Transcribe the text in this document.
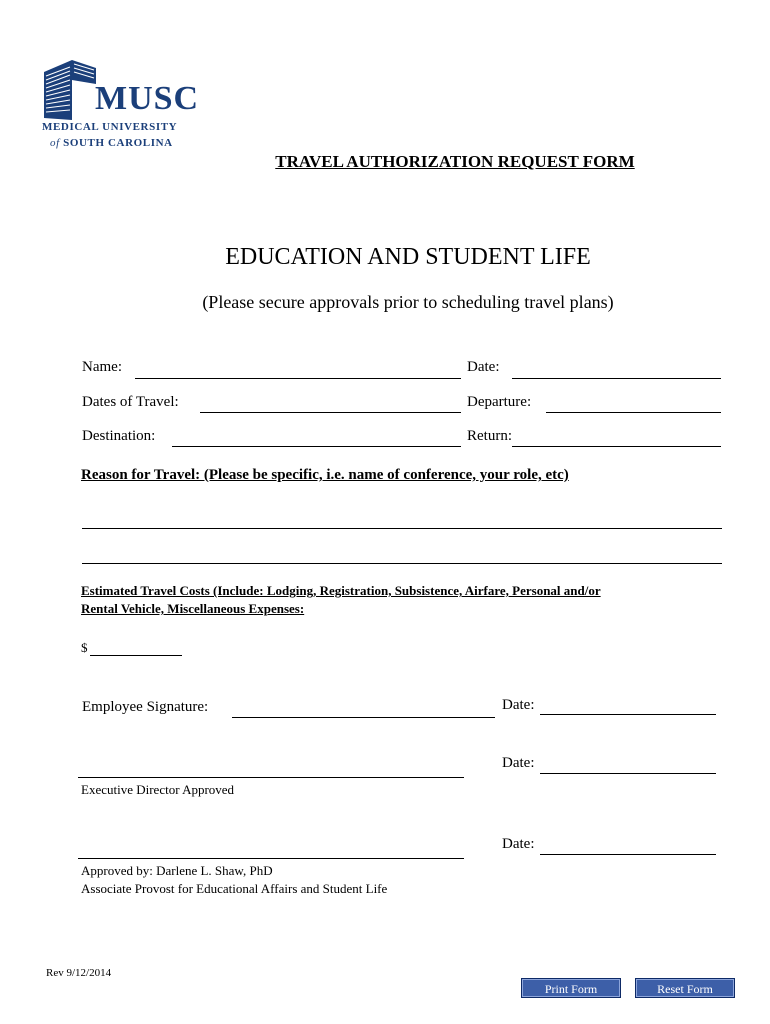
MUSC
MEDICAL UNIVERSITY
of SOUTH CAROLINA
TRAVEL AUTHORIZATION REQUEST FORM
EDUCATION AND STUDENT LIFE
(Please secure approvals prior to scheduling travel plans)
Name:	Date:
Dates of Travel:	Departure:
Destination:	Return:
Reason for Travel: (Please be specific, i.e. name of conference, your role, etc)
Estimated Travel Costs (Include: Lodging, Registration, Subsistence, Airfare, Personal and/or
Rental Vehicle, Miscellaneous Expenses:
$
Employee Signature:	Date:
Date:
Executive Director Approved
Date:
Approved by: Darlene L. Shaw, PhD
Associate Provost for Educational Affairs and Student Life
Rev 9/12/2014
Print Form	Reset Form
